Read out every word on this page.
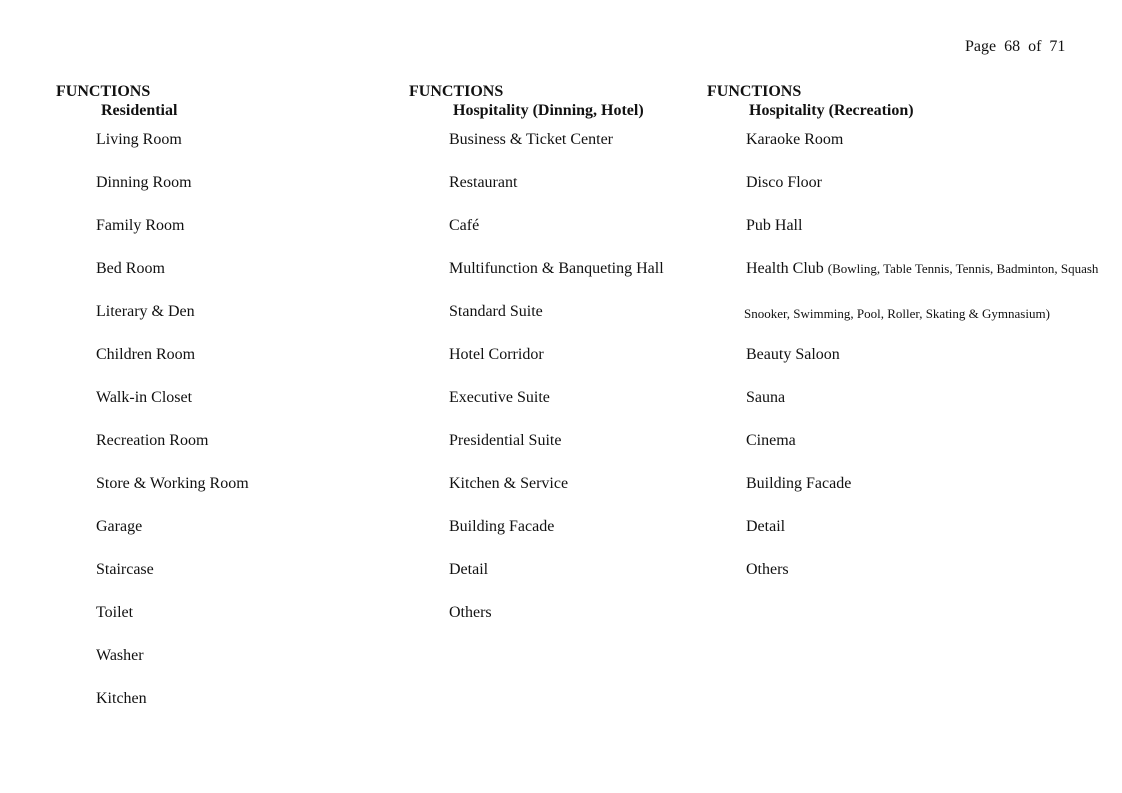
Page  68  of  71
FUNCTIONS
Residential
Living Room
Dinning Room
Family Room
Bed Room
Literary & Den
Children Room
Walk-in Closet
Recreation Room
Store & Working Room
Garage
Staircase
Toilet
Washer
Kitchen
FUNCTIONS
Hospitality (Dinning, Hotel)
Business & Ticket Center
Restaurant
Café
Multifunction & Banqueting Hall
Standard Suite
Hotel Corridor
Executive Suite
Presidential Suite
Kitchen & Service
Building Facade
Detail
Others
FUNCTIONS
Hospitality (Recreation)
Karaoke Room
Disco Floor
Pub Hall
Health Club (Bowling, Table Tennis, Tennis, Badminton, Squash
Snooker, Swimming, Pool, Roller, Skating & Gymnasium)
Beauty Saloon
Sauna
Cinema
Building Facade
Detail
Others
